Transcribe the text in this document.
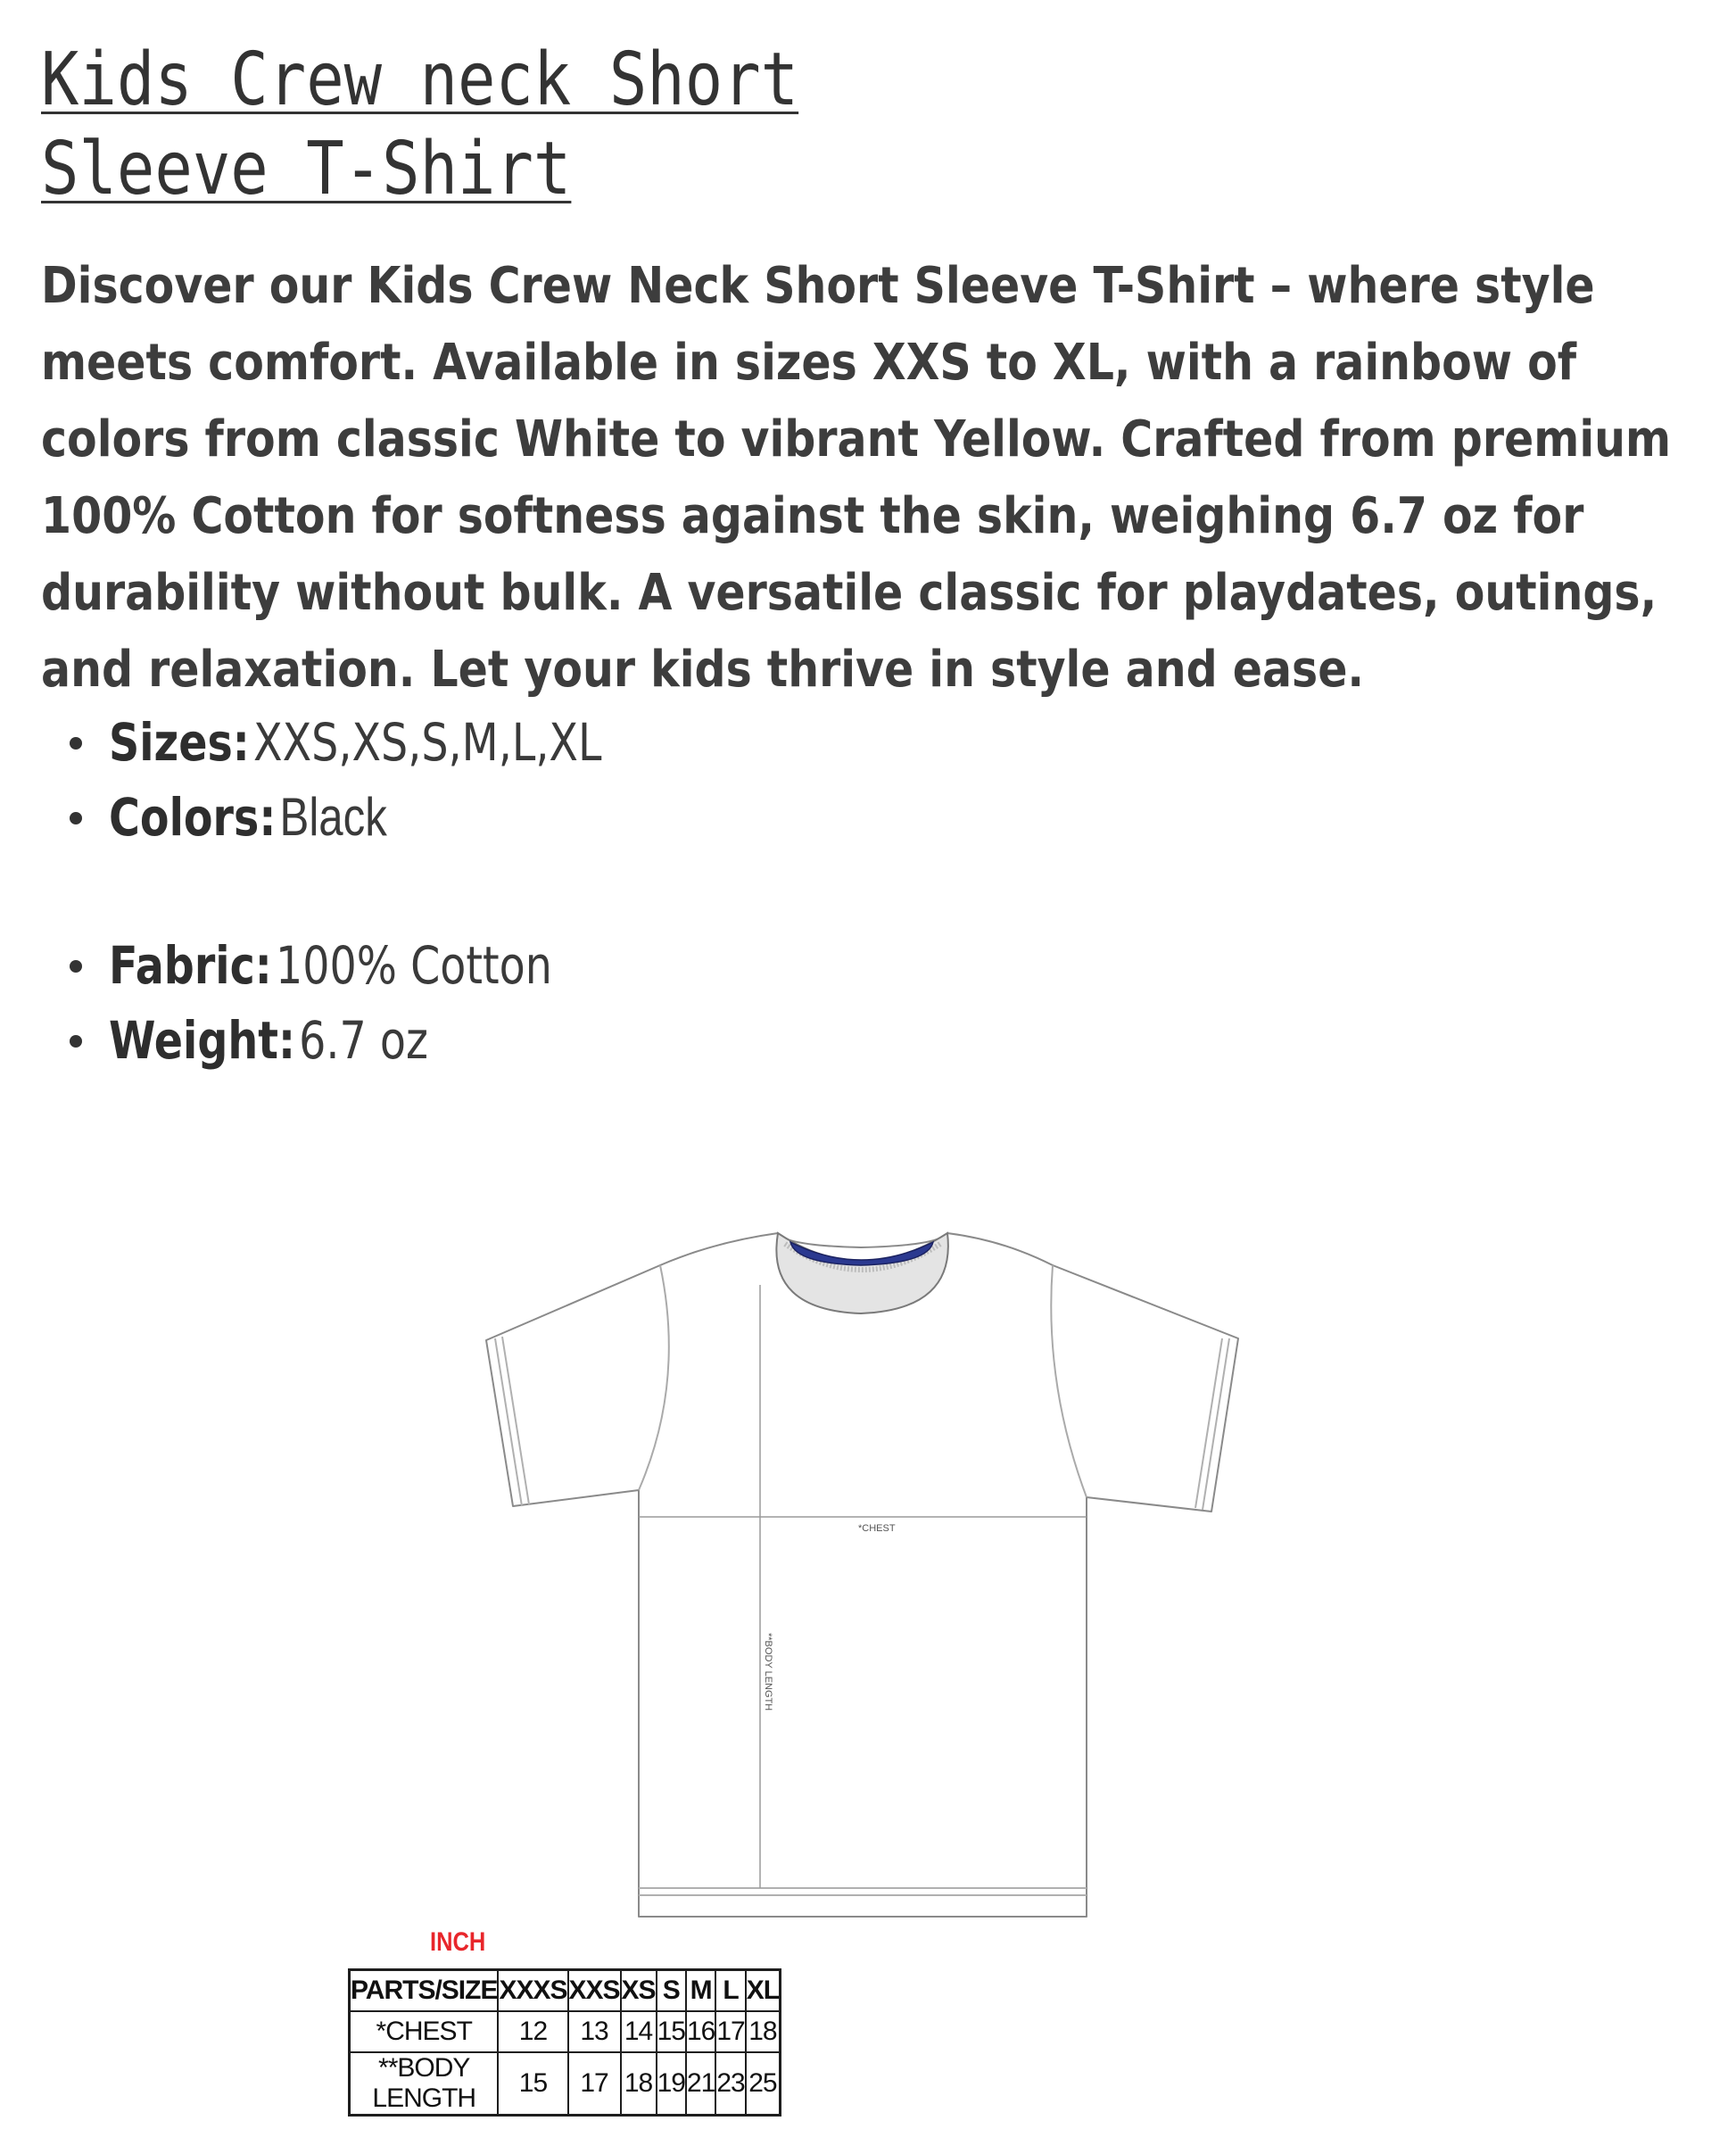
Kids Crew neck Short
Sleeve T-Shirt

Discover our Kids Crew Neck Short Sleeve T-Shirt – where style meets comfort. Available in sizes XXS to XL, with a rainbow of colors from classic White to vibrant Yellow. Crafted from premium 100% Cotton for softness against the skin, weighing 6.7 oz for durability without bulk. A versatile classic for playdates, outings, and relaxation. Let your kids thrive in style and ease.

Sizes: XXS,XS,S,M,L,XL
Colors: Black
Fabric: 100% Cotton
Weight: 6.7 oz
*CHEST
**BODY LENGTH
INCH
PARTS/SIZE	XXXS	XXS	XS	S	M	L	XL
*CHEST	12	13	14	15	16	17	18
**BODY LENGTH	15	17	18	19	21	23	25
